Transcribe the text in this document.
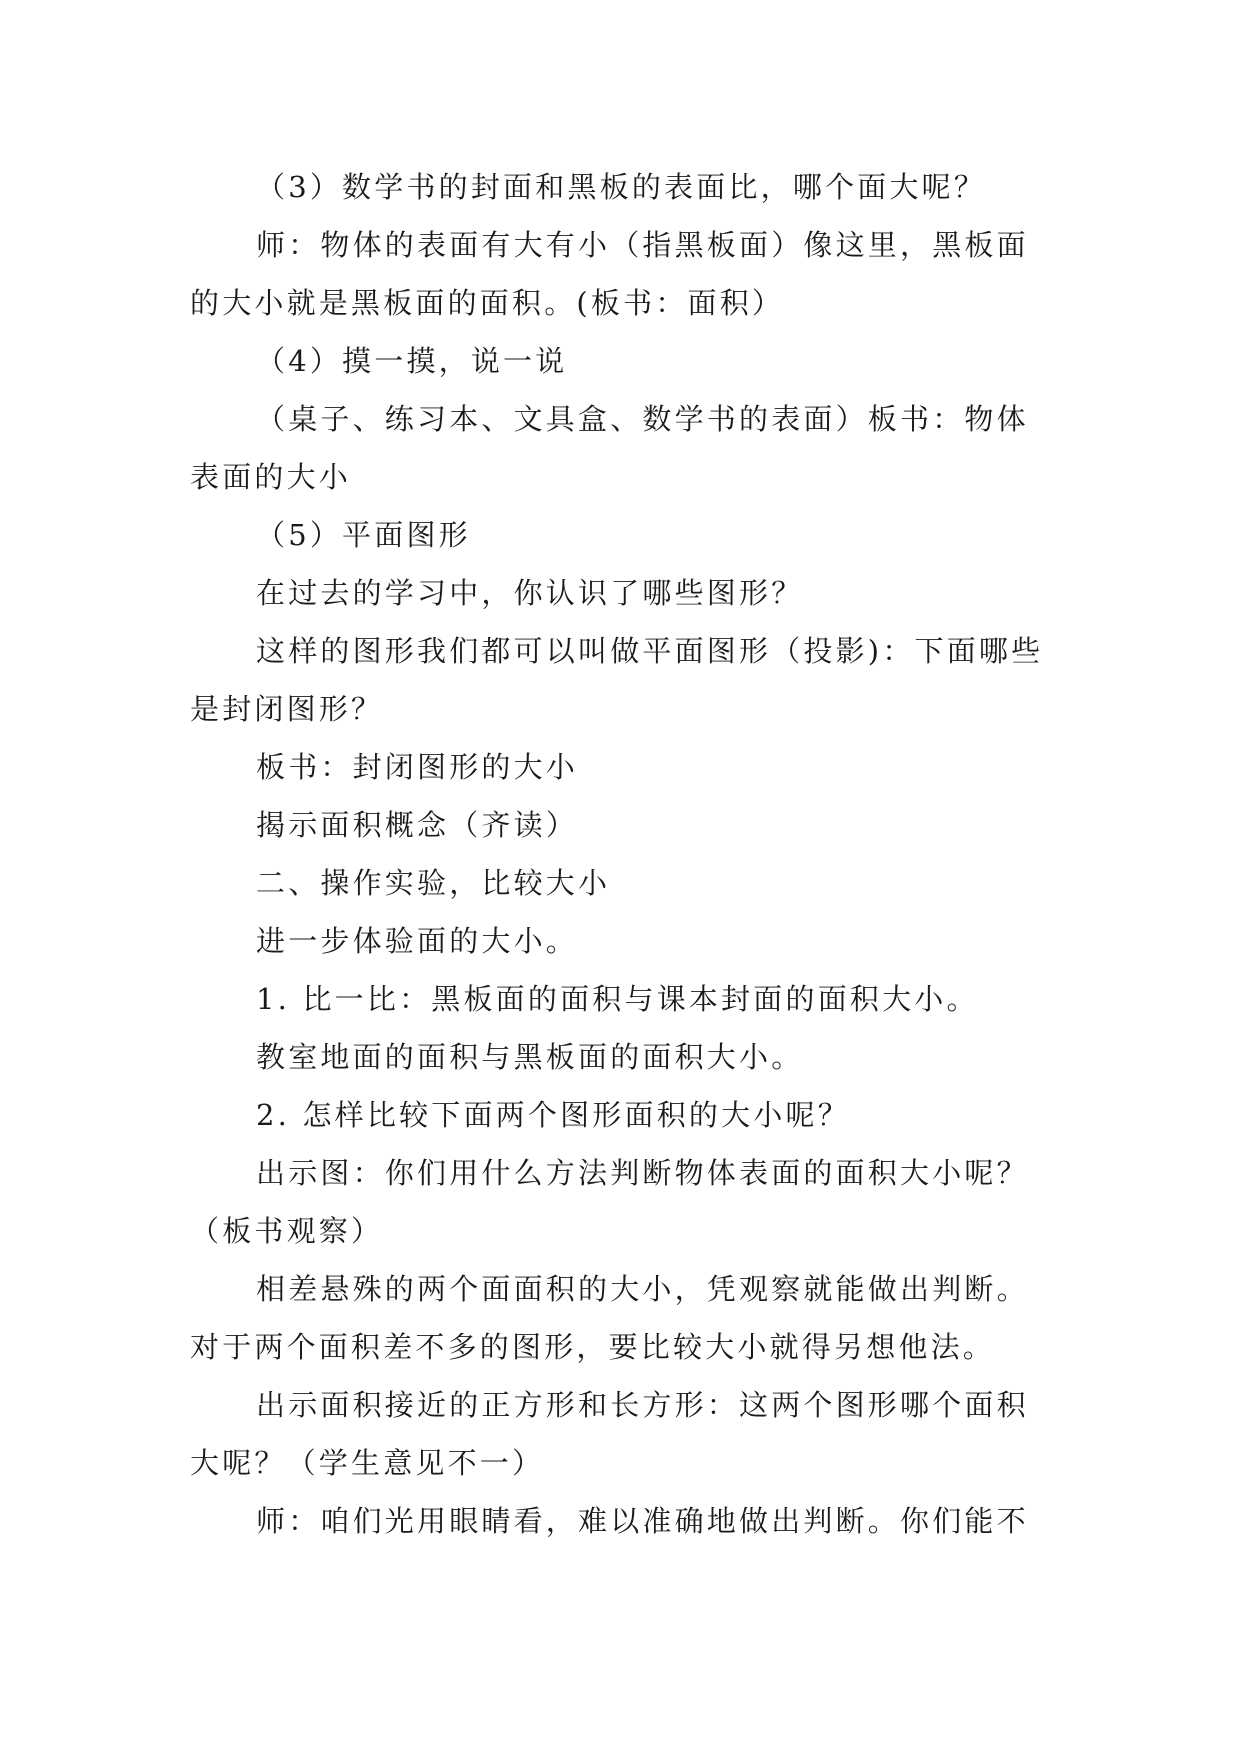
（3）数学书的封面和黑板的表面比，哪个面大呢？

师：物体的表面有大有小（指黑板面）像这里，黑板面的大小就是黑板面的面积。(板书：面积）

（4）摸一摸，说一说

（桌子、练习本、文具盒、数学书的表面）板书：物体表面的大小

（5）平面图形

在过去的学习中，你认识了哪些图形？

这样的图形我们都可以叫做平面图形（投影)：下面哪些是封闭图形？

板书：封闭图形的大小

揭示面积概念（齐读）

二、操作实验，比较大小

进一步体验面的大小。

1. 比一比：黑板面的面积与课本封面的面积大小。

教室地面的面积与黑板面的面积大小。

2. 怎样比较下面两个图形面积的大小呢？

出示图：你们用什么方法判断物体表面的面积大小呢？（板书观察）

相差悬殊的两个面面积的大小，凭观察就能做出判断。对于两个面积差不多的图形，要比较大小就得另想他法。

出示面积接近的正方形和长方形：这两个图形哪个面积大呢？（学生意见不一）

师：咱们光用眼睛看，难以准确地做出判断。你们能不
